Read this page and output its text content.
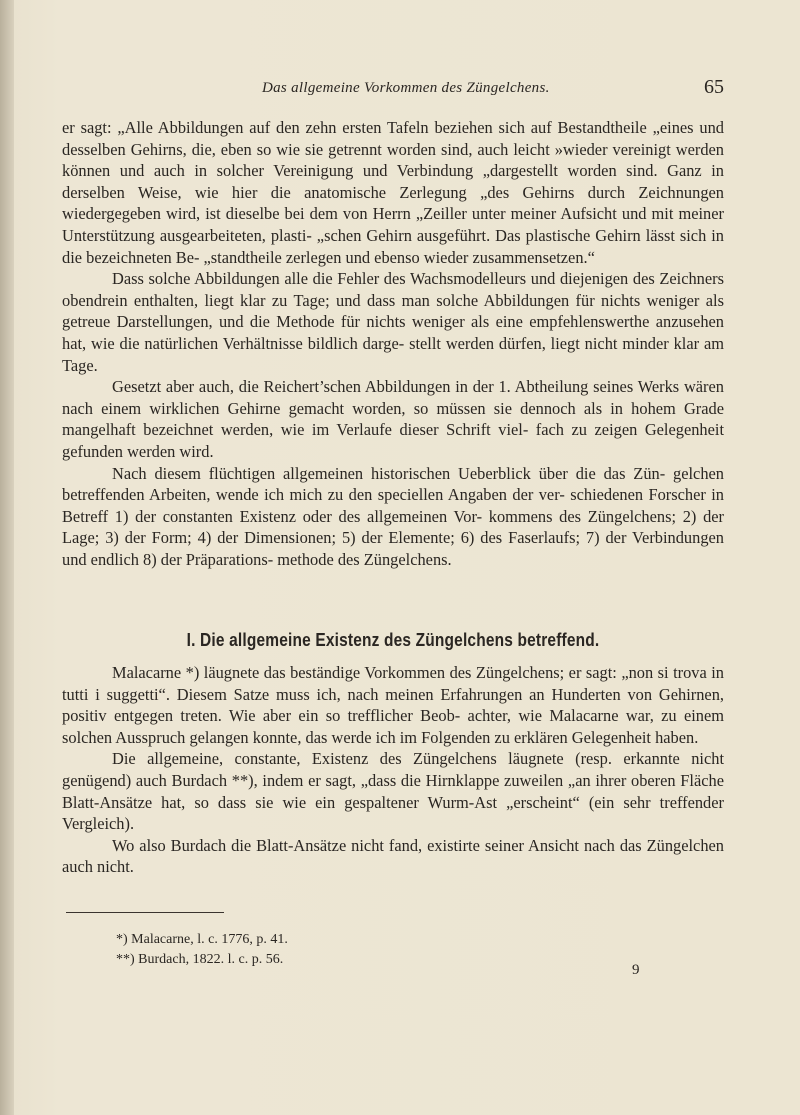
Das allgemeine Vorkommen des Züngelchens.	65

er sagt: „Alle Abbildungen auf den zehn ersten Tafeln beziehen sich auf Bestandtheile „eines und desselben Gehirns, die, eben so wie sie getrennt worden sind, auch leicht »wieder vereinigt werden können und auch in solcher Vereinigung und Verbindung „dargestellt worden sind. Ganz in derselben Weise, wie hier die anatomische Zerlegung „des Gehirns durch Zeichnungen wiedergegeben wird, ist dieselbe bei dem von Herrn „Zeiller unter meiner Aufsicht und mit meiner Unterstützung ausgearbeiteten, plasti- „schen Gehirn ausgeführt. Das plastische Gehirn lässt sich in die bezeichneten Be- „standtheile zerlegen und ebenso wieder zusammensetzen.“

Dass solche Abbildungen alle die Fehler des Wachsmodelleurs und diejenigen des Zeichners obendrein enthalten, liegt klar zu Tage; und dass man solche Abbildungen für nichts weniger als getreue Darstellungen, und die Methode für nichts weniger als eine empfehlenswerthe anzusehen hat, wie die natürlichen Verhältnisse bildlich darge- stellt werden dürfen, liegt nicht minder klar am Tage.

Gesetzt aber auch, die Reichert’schen Abbildungen in der 1. Abtheilung seines Werks wären nach einem wirklichen Gehirne gemacht worden, so müssen sie dennoch als in hohem Grade mangelhaft bezeichnet werden, wie im Verlaufe dieser Schrift viel- fach zu zeigen Gelegenheit gefunden werden wird.

Nach diesem flüchtigen allgemeinen historischen Ueberblick über die das Zün- gelchen betreffenden Arbeiten, wende ich mich zu den speciellen Angaben der ver- schiedenen Forscher in Betreff 1) der constanten Existenz oder des allgemeinen Vor- kommens des Züngelchens; 2) der Lage; 3) der Form; 4) der Dimensionen; 5) der Elemente; 6) des Faserlaufs; 7) der Verbindungen und endlich 8) der Präparations- methode des Züngelchens.

I. Die allgemeine Existenz des Züngelchens betreffend.

Malacarne *) läugnete das beständige Vorkommen des Züngelchens; er sagt: „non si trova in tutti i suggetti“. Diesem Satze muss ich, nach meinen Erfahrungen an Hunderten von Gehirnen, positiv entgegen treten. Wie aber ein so trefflicher Beob- achter, wie Malacarne war, zu einem solchen Ausspruch gelangen konnte, das werde ich im Folgenden zu erklären Gelegenheit haben.

Die allgemeine, constante, Existenz des Züngelchens läugnete (resp. erkannte nicht genügend) auch Burdach **), indem er sagt, „dass die Hirnklappe zuweilen „an ihrer oberen Fläche Blatt-Ansätze hat, so dass sie wie ein gespaltener Wurm-Ast „erscheint“ (ein sehr treffender Vergleich).

Wo also Burdach die Blatt-Ansätze nicht fand, existirte seiner Ansicht nach das Züngelchen auch nicht.

*) Malacarne, l. c. 1776, p. 41.
**) Burdach, 1822. l. c. p. 56.
9
